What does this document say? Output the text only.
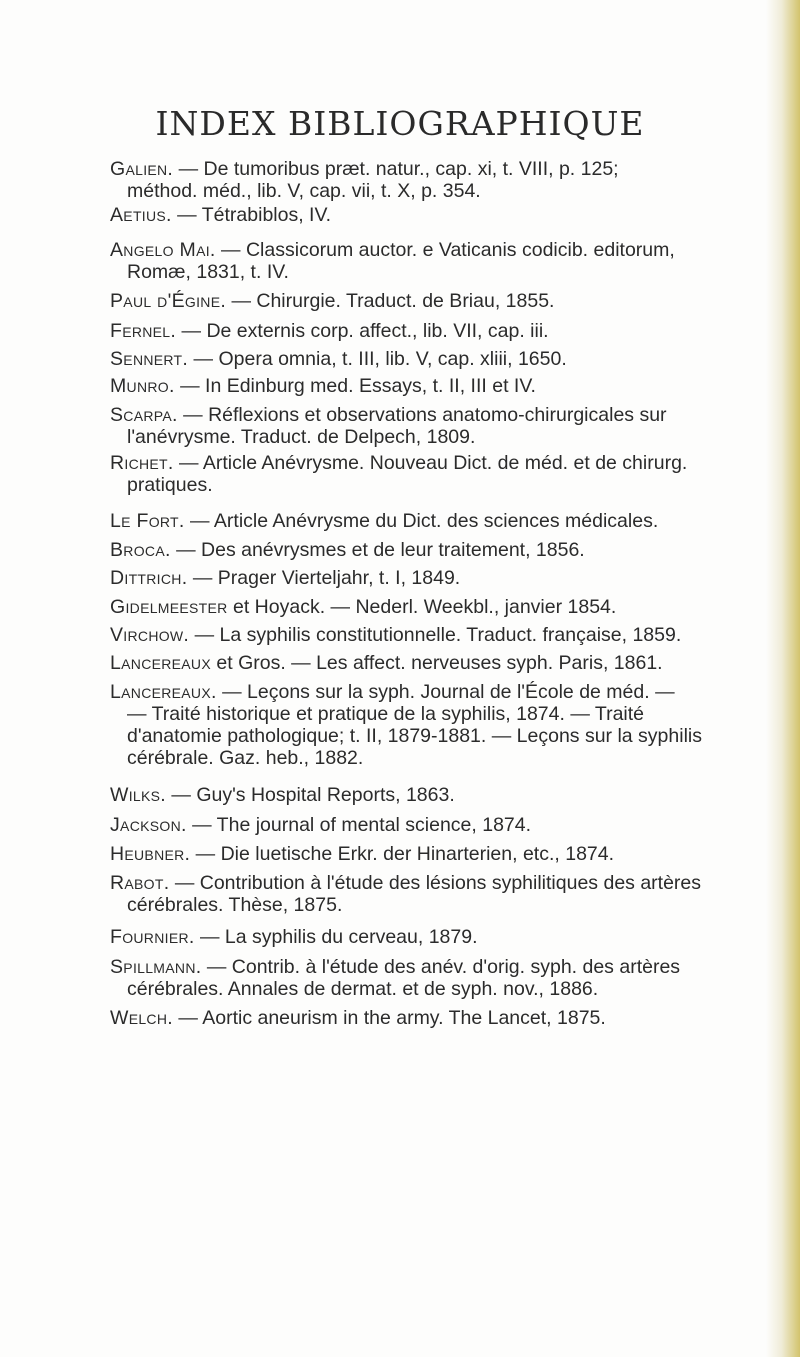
INDEX BIBLIOGRAPHIQUE
Galien. — De tumoribus præt. natur., cap. xi, t. VIII, p. 125;
méthod. méd., lib. V, cap. vii, t. X, p. 354.
Aetius. — Tétrabiblos, IV.
Angelo Mai. — Classicorum auctor. e Vaticanis codicib. editorum,
Romæ, 1831, t. IV.
Paul d'Égine. — Chirurgie. Traduct. de Briau, 1855.
Fernel. — De externis corp. affect., lib. VII, cap. iii.
Sennert. — Opera omnia, t. III, lib. V, cap. xliii, 1650.
Munro. — In Edinburg med. Essays, t. II, III et IV.
Scarpa. — Réflexions et observations anatomo-chirurgicales sur
l'anévrysme. Traduct. de Delpech, 1809.
Richet. — Article Anévrysme. Nouveau Dict. de méd. et de chirurg.
pratiques.
Le Fort. — Article Anévrysme du Dict. des sciences médicales.
Broca. — Des anévrysmes et de leur traitement, 1856.
Dittrich. — Prager Vierteljahr, t. I, 1849.
Gidelmeester et Hoyack. — Nederl. Weekbl., janvier 1854.
Virchow. — La syphilis constitutionnelle. Traduct. française, 1859.
Lancereaux et Gros. — Les affect. nerveuses syph. Paris, 1861.
Lancereaux. — Leçons sur la syph. Journal de l'École de méd. —
— Traité historique et pratique de la syphilis, 1874. — Traité
d'anatomie pathologique; t. II, 1879-1881. — Leçons sur la syphilis
cérébrale. Gaz. heb., 1882.
Wilks. — Guy's Hospital Reports, 1863.
Jackson. — The journal of mental science, 1874.
Heubner. — Die luetische Erkr. der Hinarterien, etc., 1874.
Rabot. — Contribution à l'étude des lésions syphilitiques des artères
cérébrales. Thèse, 1875.
Fournier. — La syphilis du cerveau, 1879.
Spillmann. — Contrib. à l'étude des anév. d'orig. syph. des artères
cérébrales. Annales de dermat. et de syph. nov., 1886.
Welch. — Aortic aneurism in the army. The Lancet, 1875.
